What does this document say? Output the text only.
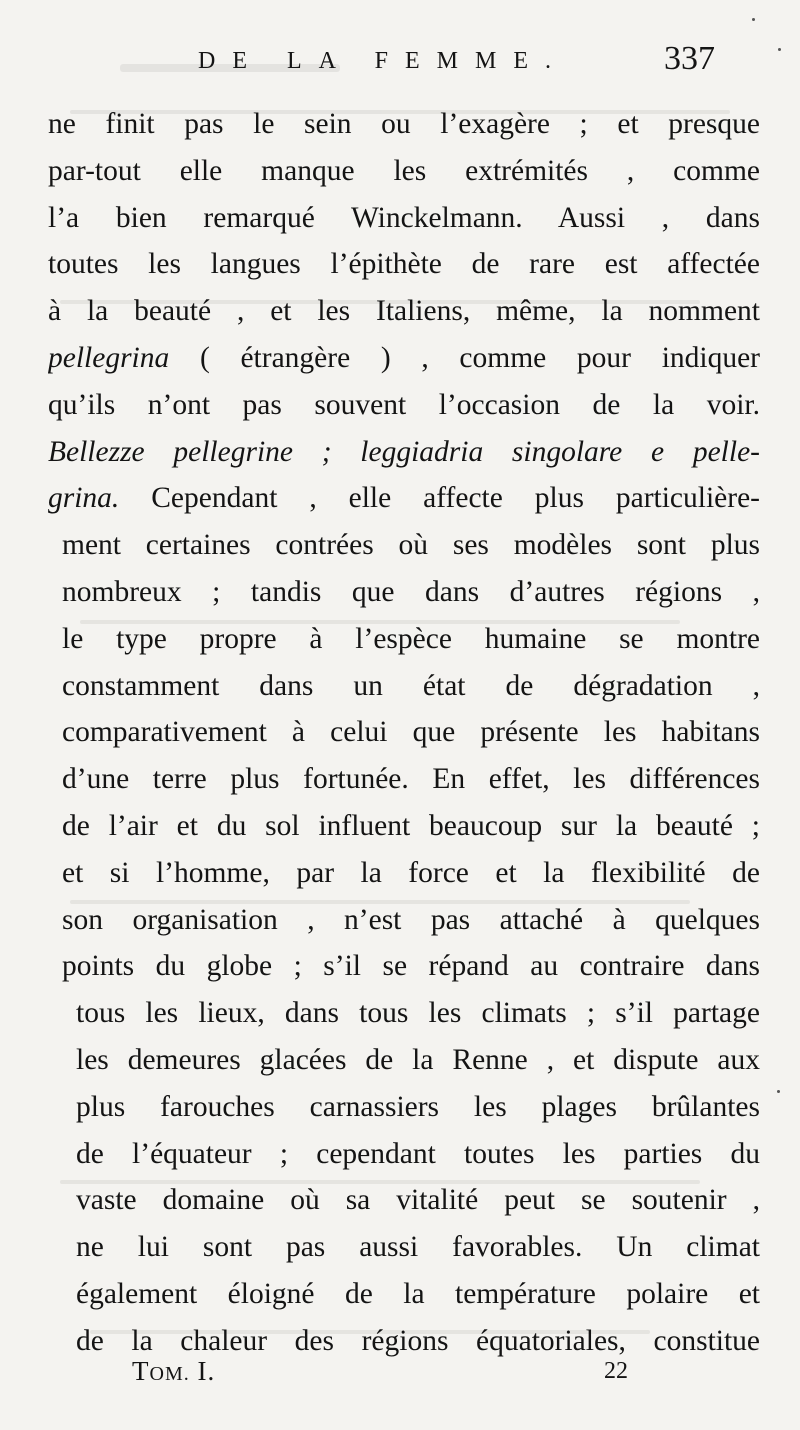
DE LA FEMME.	337
ne finit pas le sein ou l’exagère ; et presque
par-tout elle manque les extrémités , comme
l’a bien remarqué Winckelmann. Aussi , dans
toutes les langues l’épithète de rare est affectée
à la beauté , et les Italiens, même, la nomment
pellegrina ( étrangère ) , comme pour indiquer
qu’ils n’ont pas souvent l’occasion de la voir.
Bellezze pellegrine ; leggiadria singolare e pelle-
grina. Cependant , elle affecte plus particulière-
ment certaines contrées où ses modèles sont plus
nombreux ; tandis que dans d’autres régions ,
le type propre à l’espèce humaine se montre
constamment dans un état de dégradation ,
comparativement à celui que présente les habitans
d’une terre plus fortunée. En effet, les différences
de l’air et du sol influent beaucoup sur la beauté ;
et si l’homme, par la force et la flexibilité de
son organisation , n’est pas attaché à quelques
points du globe ; s’il se répand au contraire dans
tous les lieux, dans tous les climats ; s’il partage
les demeures glacées de la Renne , et dispute aux
plus farouches carnassiers les plages brûlantes
de l’équateur ; cependant toutes les parties du
vaste domaine où sa vitalité peut se soutenir ,
ne lui sont pas aussi favorables. Un climat
également éloigné de la température polaire et
de la chaleur des régions équatoriales, constitue
TOM. I.	22
